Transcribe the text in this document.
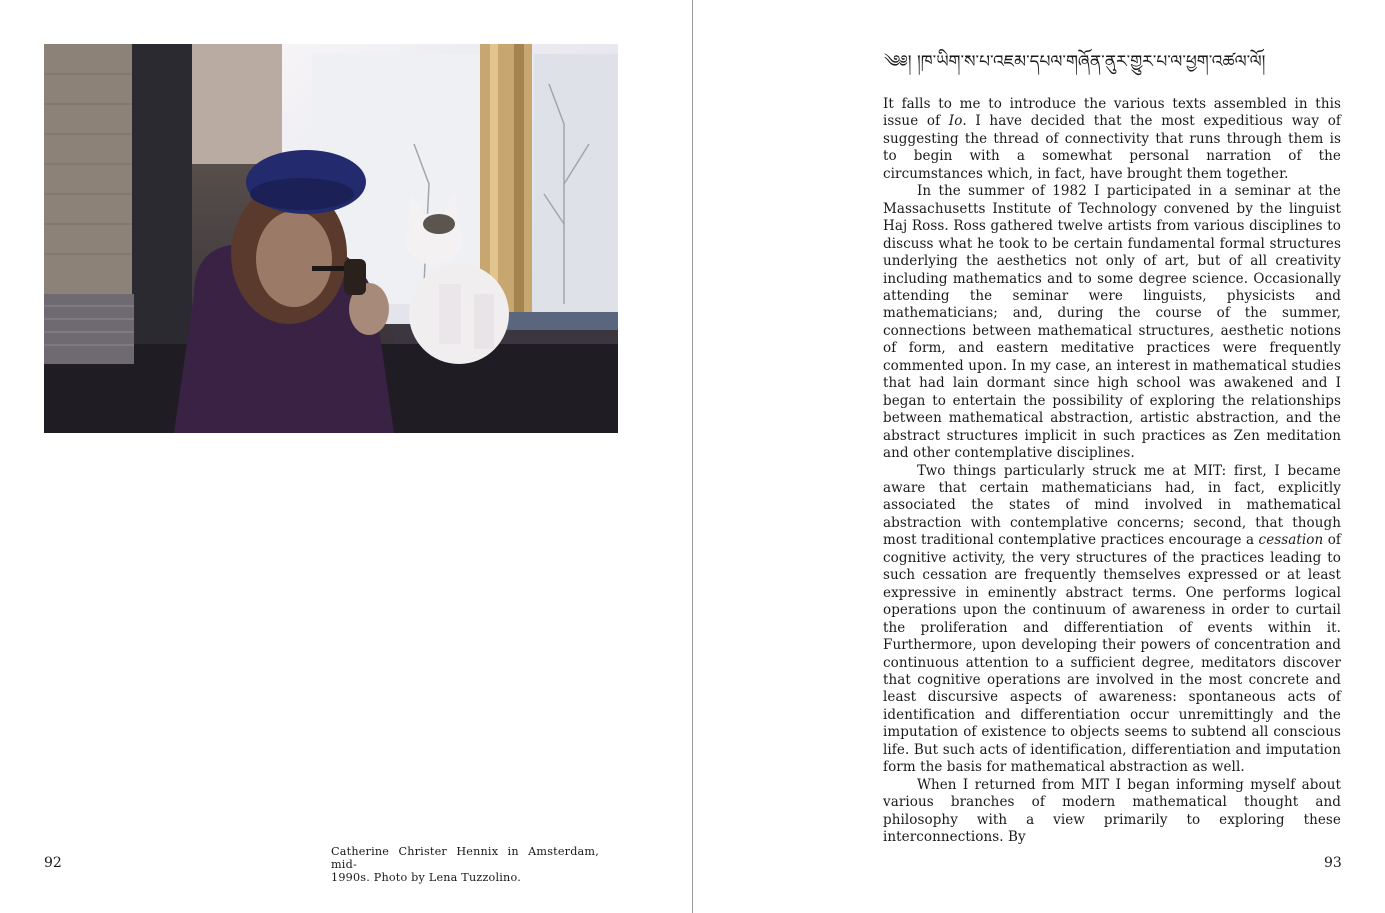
Catherine Christer Hennix in Amsterdam, mid-
1990s. Photo by Lena Tuzzolino.
92
༄༅། །ཁ་ཡིག་ས་པ་འཇམ་དཔལ་གཞོན་ནུར་གྱུར་པ་ལ་ཕྱག་འཚལ་ལོ།

It falls to me to introduce the various texts assembled in this issue of Io. I have decided that the most expeditious way of suggesting the thread of connectivity that runs through them is to begin with a somewhat personal narration of the circumstances which, in fact, have brought them together.

In the summer of 1982 I participated in a seminar at the Massachusetts Institute of Technology convened by the linguist Haj Ross. Ross gathered twelve artists from various disciplines to discuss what he took to be certain fundamental formal structures underlying the aesthetics not only of art, but of all creativity including mathematics and to some degree science. Occasionally attending the seminar were linguists, physicists and mathematicians; and, during the course of the summer, connections between mathematical structures, aesthetic notions of form, and eastern meditative practices were frequently commented upon. In my case, an interest in mathematical studies that had lain dormant since high school was awakened and I began to entertain the possibility of exploring the relationships between mathematical abstraction, artistic abstraction, and the abstract structures implicit in such practices as Zen meditation and other contemplative disciplines.

Two things particularly struck me at MIT: first, I became aware that certain mathematicians had, in fact, explicitly associated the states of mind involved in mathematical abstraction with contemplative concerns; second, that though most traditional contemplative practices encourage a cessation of cognitive activity, the very structures of the practices leading to such cessation are frequently themselves expressed or at least expressive in eminently abstract terms. One performs logical operations upon the continuum of awareness in order to curtail the proliferation and differentiation of events within it. Furthermore, upon developing their powers of concentration and continuous attention to a sufficient degree, meditators discover that cognitive operations are involved in the most concrete and least discursive aspects of awareness: spontaneous acts of identification and differentiation occur unremittingly and the imputation of existence to objects seems to subtend all conscious life. But such acts of identification, differentiation and imputation form the basis for mathematical abstraction as well.

When I returned from MIT I began informing myself about various branches of modern mathematical thought and philosophy with a view primarily to exploring these interconnections. By

93
